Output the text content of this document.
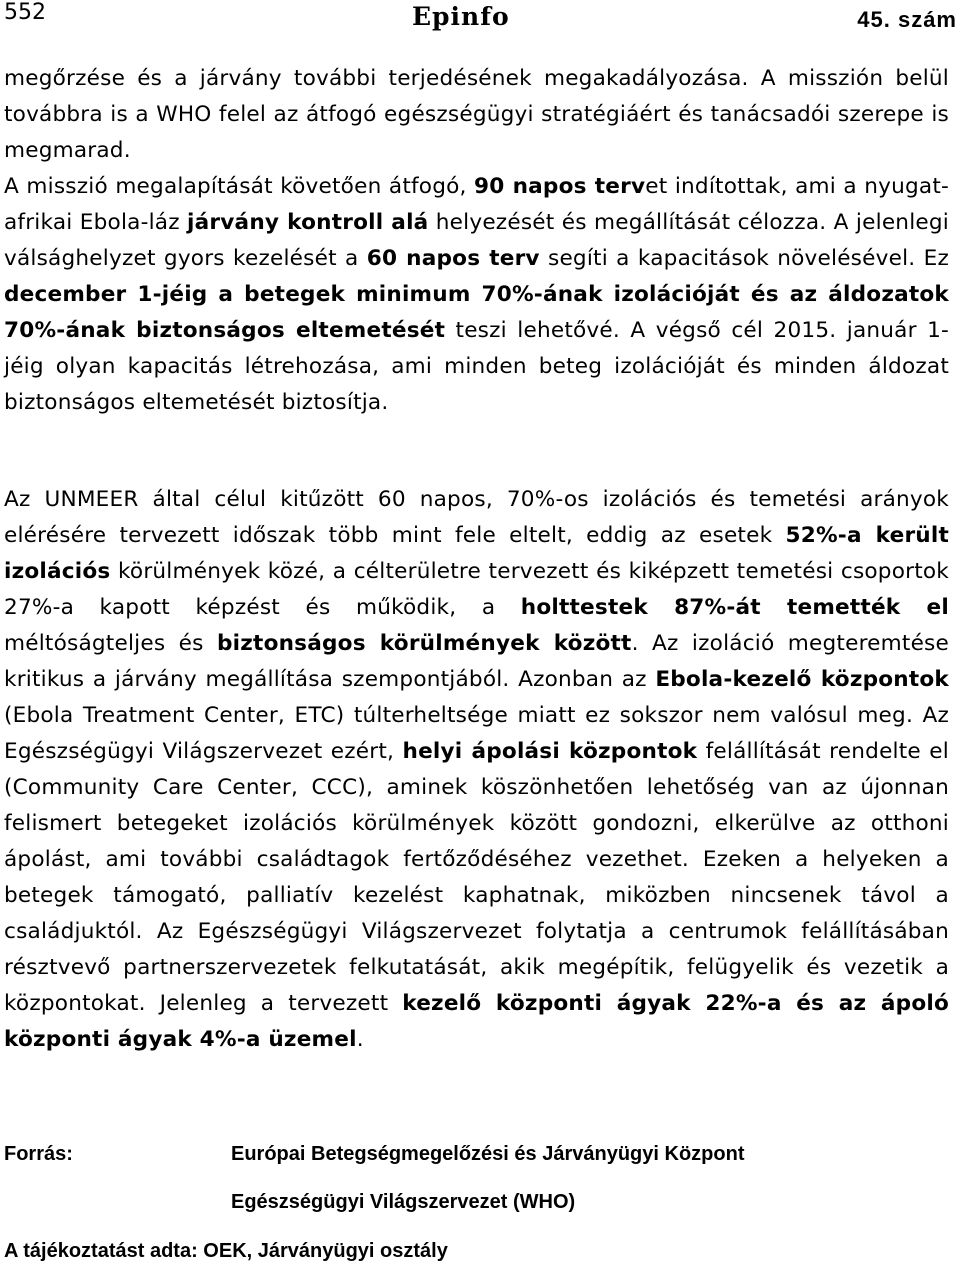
552	Epinfo	45. szám

megőrzése és a járvány további terjedésének megakadályozása. A misszión belül továbbra is a WHO felel az átfogó egészségügyi stratégiáért és tanácsadói szerepe is megmarad.

A misszió megalapítását követően átfogó, 90 napos tervet indítottak, ami a nyugat-afrikai Ebola-láz járvány kontroll alá helyezését és megállítását célozza. A jelenlegi válsághelyzet gyors kezelését a 60 napos terv segíti a kapacitások növelésével. Ez december 1-jéig a betegek minimum 70%-ának izolációját és az áldozatok 70%-ának biztonságos eltemetését teszi lehetővé. A végső cél 2015. január 1-jéig olyan kapacitás létrehozása, ami minden beteg izolációját és minden áldozat biztonságos eltemetését biztosítja.

Az UNMEER által célul kitűzött 60 napos, 70%-os izolációs és temetési arányok elérésére tervezett időszak több mint fele eltelt, eddig az esetek 52%-a került izolációs körülmények közé, a célterületre tervezett és kiképzett temetési csoportok 27%-a kapott képzést és működik, a holttestek 87%-át temették el méltóságteljes és biztonságos körülmények között. Az izoláció megteremtése kritikus a járvány megállítása szempontjából. Azonban az Ebola-kezelő központok (Ebola Treatment Center, ETC) túlterheltsége miatt ez sokszor nem valósul meg. Az Egészségügyi Világszervezet ezért, helyi ápolási központok felállítását rendelte el (Community Care Center, CCC), aminek köszönhetően lehetőség van az újonnan felismert betegeket izolációs körülmények között gondozni, elkerülve az otthoni ápolást, ami további családtagok fertőződéséhez vezethet. Ezeken a helyeken a betegek támogató, palliatív kezelést kaphatnak, miközben nincsenek távol a családjuktól. Az Egészségügyi Világszervezet folytatja a centrumok felállításában résztvevő partnerszervezetek felkutatását, akik megépítik, felügyelik és vezetik a központokat. Jelenleg a tervezett kezelő központi ágyak 22%-a és az ápoló központi ágyak 4%-a üzemel.

Forrás:	Európai Betegségmegelőzési és Járványügyi Központ
Egészségügyi Világszervezet (WHO)
A tájékoztatást adta: OEK, Járványügyi osztály
